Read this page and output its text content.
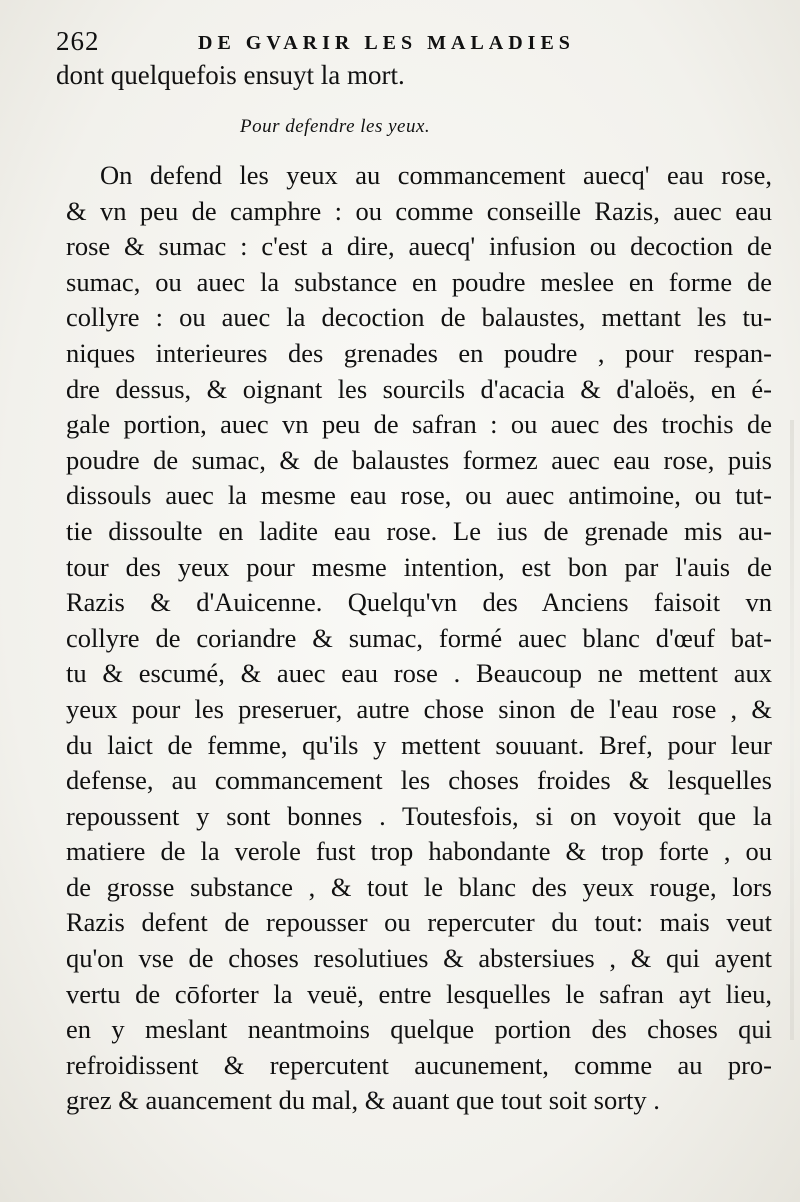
262	DE GVARIR LES MALADIES
dont quelquefois ensuyt la mort.
Pour defendre les yeux.
On defend les yeux au commancement auecq' eau rose,
& vn peu de camphre : ou comme conseille Razis, auec eau
rose & sumac : c'est a dire, auecq' infusion ou decoction de
sumac, ou auec la substance en poudre meslee en forme de
collyre : ou auec la decoction de balaustes, mettant les tu-
niques interieures des grenades en poudre , pour respan-
dre dessus, & oignant les sourcils d'acacia & d'aloës, en é-
gale portion, auec vn peu de safran : ou auec des trochis de
poudre de sumac, & de balaustes formez auec eau rose, puis
dissouls auec la mesme eau rose, ou auec antimoine, ou tut-
tie dissoulte en ladite eau rose. Le ius de grenade mis au-
tour des yeux pour mesme intention, est bon par l'auis de
Razis & d'Auicenne. Quelqu'vn des Anciens faisoit vn
collyre de coriandre & sumac, formé auec blanc d'œuf bat-
tu & escumé, & auec eau rose . Beaucoup ne mettent aux
yeux pour les preseruer, autre chose sinon de l'eau rose , &
du laict de femme, qu'ils y mettent souuant. Bref, pour leur
defense, au commancement les choses froides & lesquelles
repoussent y sont bonnes . Toutesfois, si on voyoit que la
matiere de la verole fust trop habondante & trop forte , ou
de grosse substance , & tout le blanc des yeux rouge, lors
Razis defent de repousser ou repercuter du tout: mais veut
qu'on vse de choses resolutiues & abstersiues , & qui ayent
vertu de cōforter la veuë, entre lesquelles le safran ayt lieu,
en y meslant neantmoins quelque portion des choses qui
refroidissent & repercutent aucunement, comme au pro-
grez & auancement du mal, & auant que tout soit sorty .
